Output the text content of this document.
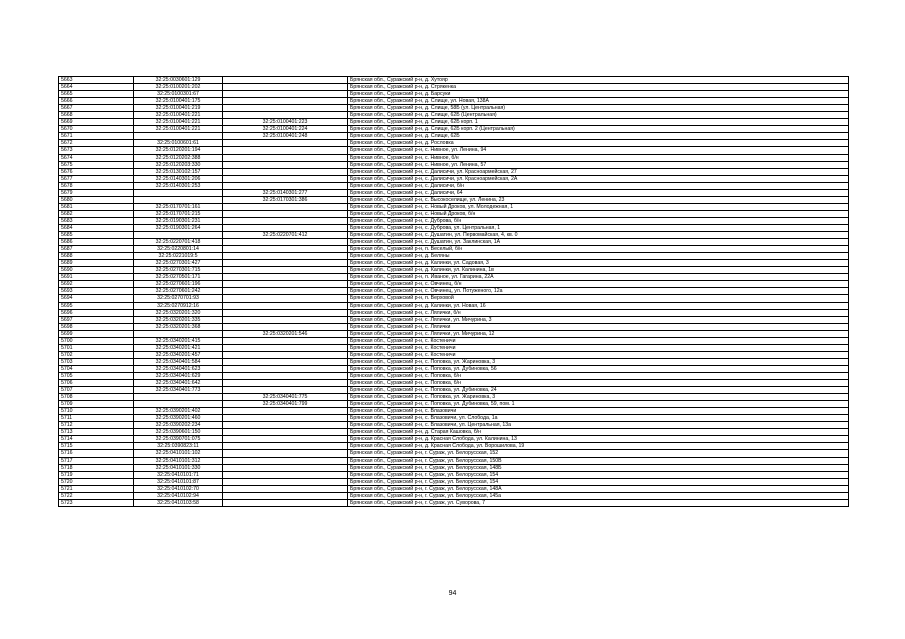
5663	32:25:0030601:129		Брянская обл., Суражский р-н, д. Хутояр
5664	32:25:0100201:202		Брянская обл., Суражский р-н, д. Стрякенка
5665	32:25:0100301:67		Брянская обл., Суражский р-н, д. Барсуки
5666	32:25:0100401:175		Брянская обл., Суражский р-н, д. Слище, ул. Новая, 138А
5667	32:25:0100401:219		Брянская обл., Суражский р-н, д. Слище, 58Б (ул. Центральная)
5668	32:25:0100401:221		Брянская обл., Суражский р-н, д. Слище, 62Б (Центральная)
5669	32:25:0100401:221	32:25:0100401:223	Брянская обл., Суражский р-н, д. Слище, 62Б корп. 1
5670	32:25:0100401:221	32:25:0100401:224	Брянская обл., Суражский р-н, д. Слище, 62Б корп. 2 (Центральная)
5671		32:25:0100401:248	Брянская обл., Суражский р-н, д. Слище, 62Б
5672	32:25:0100601:61		Брянская обл., Суражский р-н, д. Рословка
5673	32:25:0120201:194		Брянская обл., Суражский р-н, с. Нивное, ул. Ленина, 94
5674	32:25:0120202:388		Брянская обл., Суражский р-н, с. Нивное, б/н
5675	32:25:0120203:330		Брянская обл., Суражский р-н, с. Нивное, ул. Ленина, 57
5676	32:25:0130102:157		Брянская обл., Суражский р-н, с. Далисичи, ул. Красноармейская, 27
5677	32:25:0140301:206		Брянская обл., Суражский р-н, с. Далисичи, ул. Красноармейская, 2А
5678	32:25:0140301:253		Брянская обл., Суражский р-н, с. Далисичи, б/н
5679		32:25:0140301:277	Брянская обл., Суражский р-н, с. Далисичи, 64
5680		32:25:0170301:386	Брянская обл., Суражский р-н, с. Высокоселище, ул. Ленина, 23
5681	32:25:0170701:161		Брянская обл., Суражский р-н, с. Новый Дроков, ул. Молодежная, 1
5682	32:25:0170701:215		Брянская обл., Суражский р-н, с. Новый Дроков, б/н
5683	32:25:0190301:231		Брянская обл., Суражский р-н, с. Дуброва, б/н
5684	32:25:0190301:264		Брянская обл., Суражский р-н, с. Дуброва, ул. Центральная, 1
5685		32:25:0220701:412	Брянская обл., Суражский р-н, с. Душатин, ул. Первомайская, 4, кв. 0
5686	32:25:0220701:418		Брянская обл., Суражский р-н, с. Душатин, ул. Заклинская, 1А
5687	32:25:0220801:14		Брянская обл., Суражский р-н, п. Веселый, б/н
5688	32:25:0221019:5		Брянская обл., Суражский р-н, д. Беляны
5689	32:25:0270301:427		Брянская обл., Суражский р-н, д. Калинки, ул. Садовая, 3
5690	32:25:0270301:715		Брянская обл., Суражский р-н, д. Калинки, ул. Калинина, 1в
5691	32:25:0270501:171		Брянская обл., Суражский р-н, п. Иваное, ул. Гагарина, 22А
5692	32:25:0270601:196		Брянская обл., Суражский р-н, с. Овчинец, б/н
5693	32:25:0270601:242		Брянская обл., Суражский р-н, с. Овчинец, ул. Потуженого, 12а
5694	32:25:0270701:93		Брянская обл., Суражский р-н, п. Верховой
5695	32:25:0270912:16		Брянская обл., Суражский р-н, д. Калинки, ул. Новая, 16
5696	32:25:0320201:320		Брянская обл., Суражский р-н, с. Лялички, б/н
5697	32:25:0320201:335		Брянская обл., Суражский р-н, с. Лялички, ул. Мичурина, 3
5698	32:25:0320201:368		Брянская обл., Суражский р-н, с. Лялички
5699		32:25:0320201:546	Брянская обл., Суражский р-н, с. Лялички, ул. Мичурина, 12
5700	32:25:0340201:415		Брянская обл., Суражский р-н, с. Костеничи
5701	32:25:0340201:421		Брянская обл., Суражский р-н, с. Костеничи
5702	32:25:0340201:457		Брянская обл., Суражский р-н, с. Костеничи
5703	32:25:0340401:584		Брянская обл., Суражский р-н, с. Поповка, ул. Жариновка, 3
5704	32:25:0340401:623		Брянская обл., Суражский р-н, с. Поповка, ул. Дубиновка, 56
5705	32:25:0340401:629		Брянская обл., Суражский р-н, с. Поповка, б/н
5706	32:25:0340401:642		Брянская обл., Суражский р-н, с. Поповка, б/н
5707	32:25:0340401:773		Брянская обл., Суражский р-н, с. Поповка, ул. Дубиновка, 24
5708		32:25:0340401:775	Брянская обл., Суражский р-н, с. Поповка, ул. Жариновка, 3
5709		32:25:0340401:799	Брянская обл., Суражский р-н, с. Поповка, ул. Дубиновка, 59, пом. 1
5710	32:25:0390201:402		Брянская обл., Суражский р-н, с. Влазовичи
5711	32:25:0390201:460		Брянская обл., Суражский р-н, с. Влазовичи, ул. Слобода, 1а
5712	32:25:0390202:234		Брянская обл., Суражский р-н, с. Влазовичи, ул. Центральная, 13а
5713	32:25:0390601:150		Брянская обл., Суражский р-н, д. Старая Кашовка, б/н
5714	32:25:0390701:075		Брянская обл., Суражский р-н, д. Красная Слобода, ул. Калинина, 13
5715	32:25:0390823:11		Брянская обл., Суражский р-н, д. Красная Слобода, ул. Ворошилова, 19
5716	32:25:0410101:102		Брянская обл., Суражский р-н, г. Сураж, ул. Белорусская, 152
5717	32:25:0410101:312		Брянская обл., Суражский р-н, г. Сураж, ул. Белорусская, 150В
5718	32:25:0410101:330		Брянская обл., Суражский р-н, г. Сураж, ул. Белорусская, 148Б
5719	32:25:0410101:71		Брянская обл., Суражский р-н, г. Сураж, ул. Белорусская, 154
5720	32:25:0410101:87		Брянская обл., Суражский р-н, г. Сураж, ул. Белорусская, 154
5721	32:25:0410102:70		Брянская обл., Суражский р-н, г. Сураж, ул. Белорусская, 148А
5722	32:25:0410102:94		Брянская обл., Суражский р-н, г. Сураж, ул. Белорусская, 145а
5723	32:25:0410103:58		Брянская обл., Суражский р-н, г. Сураж, ул. Суворова, 7
94
